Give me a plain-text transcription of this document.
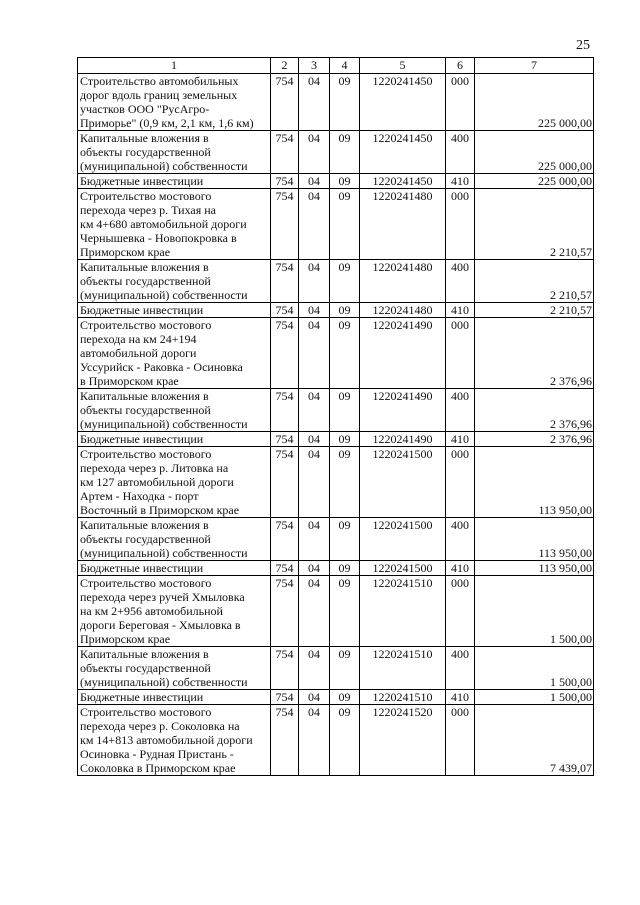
25
1	2	3	4	5	6	7
Строительство автомобильных
дорог вдоль границ земельных
участков ООО "РусАгро-
Приморье" (0,9 км, 2,1 км, 1,6 км)	754	04	09	1220241450	000	225 000,00
Капитальные вложения в
объекты государственной
(муниципальной) собственности	754	04	09	1220241450	400	225 000,00
Бюджетные инвестиции	754	04	09	1220241450	410	225 000,00
Строительство мостового
перехода через р. Тихая на
км 4+680 автомобильной дороги
Чернышевка - Новопокровка в
Приморском крае	754	04	09	1220241480	000	2 210,57
Капитальные вложения в
объекты государственной
(муниципальной) собственности	754	04	09	1220241480	400	2 210,57
Бюджетные инвестиции	754	04	09	1220241480	410	2 210,57
Строительство мостового
перехода на км 24+194
автомобильной дороги
Уссурийск - Раковка - Осиновка
в Приморском крае	754	04	09	1220241490	000	2 376,96
Капитальные вложения в
объекты государственной
(муниципальной) собственности	754	04	09	1220241490	400	2 376,96
Бюджетные инвестиции	754	04	09	1220241490	410	2 376,96
Строительство мостового
перехода через р. Литовка на
км 127 автомобильной дороги
Артем - Находка - порт
Восточный в Приморском крае	754	04	09	1220241500	000	113 950,00
Капитальные вложения в
объекты государственной
(муниципальной) собственности	754	04	09	1220241500	400	113 950,00
Бюджетные инвестиции	754	04	09	1220241500	410	113 950,00
Строительство мостового
перехода через ручей Хмыловка
на км 2+956 автомобильной
дороги Береговая - Хмыловка в
Приморском крае	754	04	09	1220241510	000	1 500,00
Капитальные вложения в
объекты государственной
(муниципальной) собственности	754	04	09	1220241510	400	1 500,00
Бюджетные инвестиции	754	04	09	1220241510	410	1 500,00
Строительство мостового
перехода через р. Соколовка на
км 14+813 автомобильной дороги
Осиновка - Рудная Пристань -
Соколовка в Приморском крае	754	04	09	1220241520	000	7 439,07
